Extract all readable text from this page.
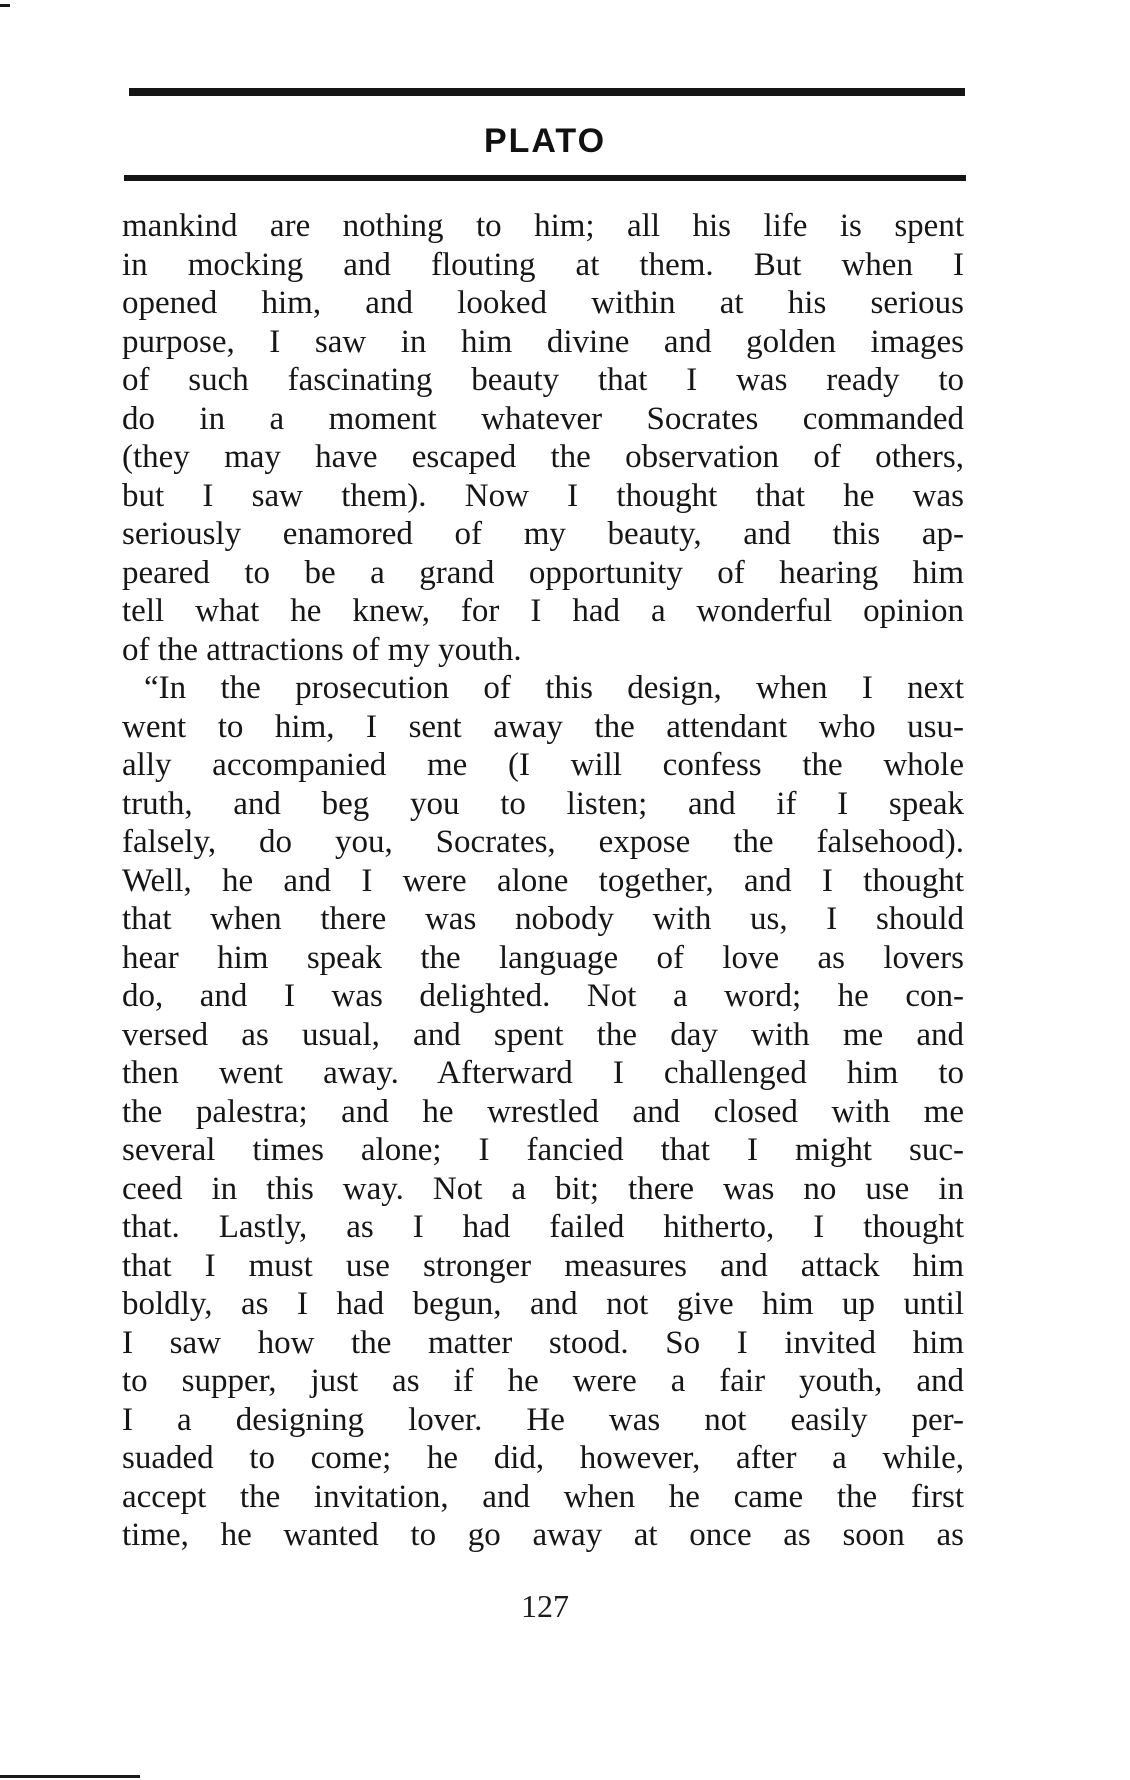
PLATO
mankind are nothing to him; all his life is spent
in mocking and flouting at them. But when I
opened him, and looked within at his serious
purpose, I saw in him divine and golden images
of such fascinating beauty that I was ready to
do in a moment whatever Socrates commanded
(they may have escaped the observation of others,
but I saw them). Now I thought that he was
seriously enamored of my beauty, and this ap-
peared to be a grand opportunity of hearing him
tell what he knew, for I had a wonderful opinion
of the attractions of my youth.
“In the prosecution of this design, when I next
went to him, I sent away the attendant who usu-
ally accompanied me (I will confess the whole
truth, and beg you to listen; and if I speak
falsely, do you, Socrates, expose the falsehood).
Well, he and I were alone together, and I thought
that when there was nobody with us, I should
hear him speak the language of love as lovers
do, and I was delighted. Not a word; he con-
versed as usual, and spent the day with me and
then went away. Afterward I challenged him to
the palestra; and he wrestled and closed with me
several times alone; I fancied that I might suc-
ceed in this way. Not a bit; there was no use in
that. Lastly, as I had failed hitherto, I thought
that I must use stronger measures and attack him
boldly, as I had begun, and not give him up until
I saw how the matter stood. So I invited him
to supper, just as if he were a fair youth, and
I a designing lover. He was not easily per-
suaded to come; he did, however, after a while,
accept the invitation, and when he came the first
time, he wanted to go away at once as soon as
127
